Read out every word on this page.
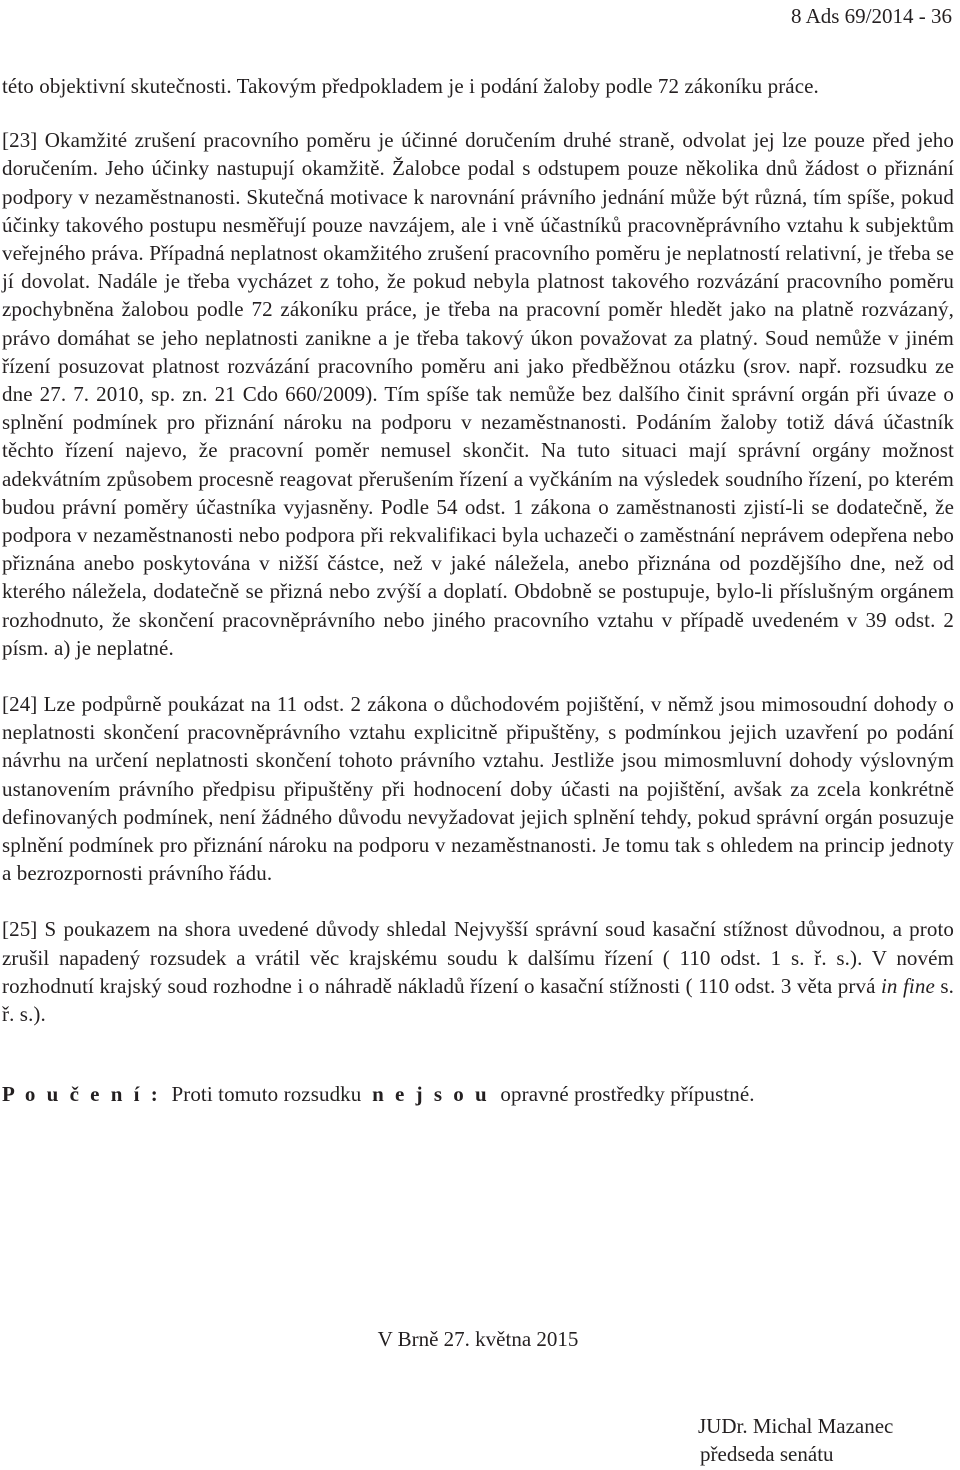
8 Ads 69/2014 - 36

této objektivní skutečnosti. Takovým předpokladem je i podání žaloby podle 72 zákoníku práce.

[23] Okamžité zrušení pracovního poměru je účinné doručením druhé straně, odvolat jej lze pouze před jeho doručením. Jeho účinky nastupují okamžitě. Žalobce podal s odstupem pouze několika dnů žádost o přiznání podpory v nezaměstnanosti. Skutečná motivace k narovnání právního jednání může být různá, tím spíše, pokud účinky takového postupu nesměřují pouze navzájem, ale i vně účastníků pracovněprávního vztahu k subjektům veřejného práva. Případná neplatnost okamžitého zrušení pracovního poměru je neplatností relativní, je třeba se jí dovolat. Nadále je třeba vycházet z toho, že pokud nebyla platnost takového rozvázání pracovního poměru zpochybněna žalobou podle 72 zákoníku práce, je třeba na pracovní poměr hledět jako na platně rozvázaný, právo domáhat se jeho neplatnosti zanikne a je třeba takový úkon považovat za platný. Soud nemůže v jiném řízení posuzovat platnost rozvázání pracovního poměru ani jako předběžnou otázku (srov. např. rozsudku ze dne 27. 7. 2010, sp. zn. 21 Cdo 660/2009). Tím spíše tak nemůže bez dalšího činit správní orgán při úvaze o splnění podmínek pro přiznání nároku na podporu v nezaměstnanosti. Podáním žaloby totiž dává účastník těchto řízení najevo, že pracovní poměr nemusel skončit. Na tuto situaci mají správní orgány možnost adekvátním způsobem procesně reagovat přerušením řízení a vyčkáním na výsledek soudního řízení, po kterém budou právní poměry účastníka vyjasněny. Podle 54 odst. 1 zákona o zaměstnanosti zjistí-li se dodatečně, že podpora v nezaměstnanosti nebo podpora při rekvalifikaci byla uchazeči o zaměstnání neprávem odepřena nebo přiznána anebo poskytována v nižší částce, než v jaké náležela, anebo přiznána od pozdějšího dne, než od kterého náležela, dodatečně se přizná nebo zvýší a doplatí. Obdobně se postupuje, bylo-li příslušným orgánem rozhodnuto, že skončení pracovněprávního nebo jiného pracovního vztahu v případě uvedeném v 39 odst. 2 písm. a) je neplatné.

[24] Lze podpůrně poukázat na 11 odst. 2 zákona o důchodovém pojištění, v němž jsou mimosoudní dohody o neplatnosti skončení pracovněprávního vztahu explicitně připuštěny, s podmínkou jejich uzavření po podání návrhu na určení neplatnosti skončení tohoto právního vztahu. Jestliže jsou mimosmluvní dohody výslovným ustanovením právního předpisu připuštěny při hodnocení doby účasti na pojištění, avšak za zcela konkrétně definovaných podmínek, není žádného důvodu nevyžadovat jejich splnění tehdy, pokud správní orgán posuzuje splnění podmínek pro přiznání nároku na podporu v nezaměstnanosti. Je tomu tak s ohledem na princip jednoty a bezrozpornosti právního řádu.

[25] S poukazem na shora uvedené důvody shledal Nejvyšší správní soud kasační stížnost důvodnou, a proto zrušil napadený rozsudek a vrátil věc krajskému soudu k dalšímu řízení ( 110 odst. 1 s. ř. s.). V novém rozhodnutí krajský soud rozhodne i o náhradě nákladů řízení o kasační stížnosti ( 110 odst. 3 věta prvá in fine s. ř. s.).

P o u č e n í : Proti tomuto rozsudku n e j s o u opravné prostředky přípustné.

V Brně 27. května 2015
JUDr. Michal Mazanec
předseda senátu
